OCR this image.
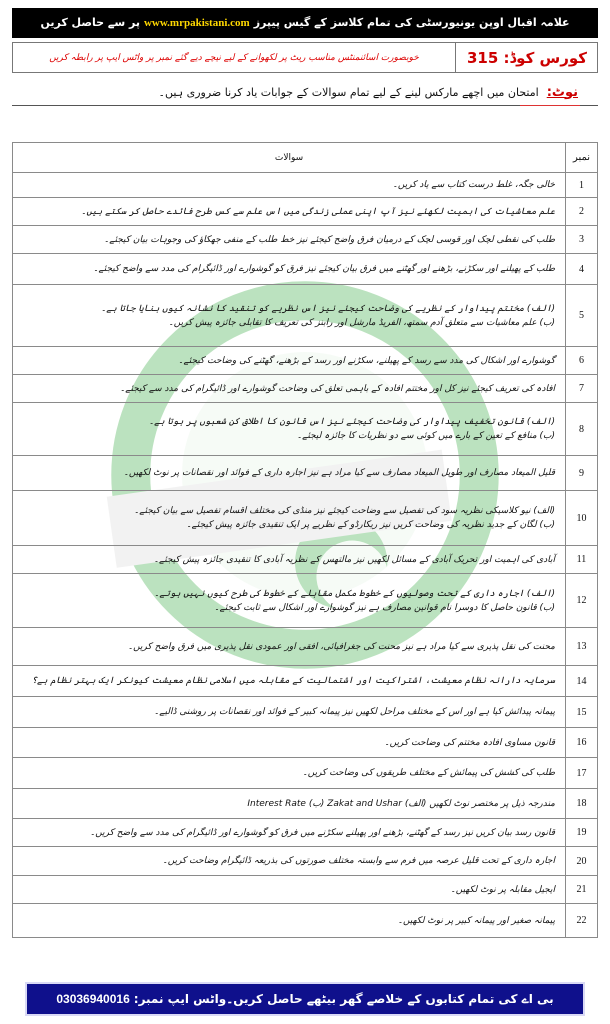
علامہ اقبال اوپن یونیورسٹی کی تمام کلاسز کے گیس پیپرز
www.mrpakistani.com
پر سے حاصل کریں
کورس کوڈ: 315
خوبصورت اسائنمنٹس مناسب ریٹ پر لکھوانے کے لیے نیچے دیے گئے نمبر پر واٹس ایپ پر رابطہ کریں
نوٹ:
امتحان میں اچھے مارکس لینے کے لیے تمام سوالات کے جوابات یاد کرنا ضروری ہیں۔
نمبر	سوالات
1	خالی جگہ، غلط درست کتاب سے یاد کریں۔

2	علم معاشیات کی اہمیت لکھئے نیز آپ اپنی عملی زندگی میں اس علم سے کس طرح فائدے حاصل کر سکتے ہیں۔

3	طلب کی نقطی لچک اور قوسی لچک کے درمیان فرق واضح کیجئے نیز خط طلب کے منفی جھکاؤ کی وجوہات بیان کیجئے۔

4	طلب کے پھیلنے اور سکڑنے، بڑھنے اور گھٹنے میں فرق بیان کیجئے نیز فرق کو گوشوارے اور ڈائیگرام کی مدد سے واضح کیجئے۔

5	(الف) مختتم پیداوار کے نظریے کی وضاحت کیجئے نیز اس نظریے کو تنقید کا نشانہ کیوں بنایا جاتا ہے۔
(ب) علم معاشیات سے متعلق آدم سمتھ، الفریڈ مارشل اور رابنز کی تعریف کا تقابلی جائزہ پیش کریں۔

6	گوشوارے اور اشکال کی مدد سے رسد کے پھیلنے، سکڑنے اور رسد کے بڑھنے، گھٹنے کی وضاحت کیجئے۔

7	افادہ کی تعریف کیجئے نیز کل اور مختتم افادہ کے باہمی تعلق کی وضاحت گوشوارے اور ڈائیگرام کی مدد سے کیجئے۔

8	(الف) قانون تخفیف پیداوار کی وضاحت کیجئے نیز اس قانون کا اطلاق کن شعبوں پر ہوتا ہے۔
(ب) منافع کے تعین کے بارے میں کوئی سے دو نظریات کا جائزہ لیجئے۔

9	قلیل المیعاد مصارف اور طویل المیعاد مصارف سے کیا مراد ہے نیز اجارہ داری کے فوائد اور نقصانات پر نوٹ لکھیں۔

10	(الف) نیو کلاسیکی نظریہ سود کی تفصیل سے وضاحت کیجئے نیز منڈی کی مختلف اقسام تفصیل سے بیان کیجئے۔
(ب) لگان کے جدید نظریہ کی وضاحت کریں نیز ریکارڈو کے نظریے پر ایک تنقیدی جائزہ پیش کیجئے۔

11	آبادی کی اہمیت اور تحریک آبادی کے مسائل لکھیں نیز مالتھس کے نظریہ آبادی کا تنقیدی جائزہ پیش کیجئے۔

12	(الف) اجارہ داری کے تحت وصولیوں کے خطوط مکمل مقابلے کے خطوط کی طرح کیوں نہیں ہوتے۔
(ب) قانون حاصل کا دوسرا نام قوانین مصارف ہے نیز گوشوارے اور اشکال سے ثابت کیجئے۔

13	محنت کی نقل پذیری سے کیا مراد ہے نیز محنت کی جغرافیائی، افقی اور عمودی نقل پذیری میں فرق واضح کریں۔

14	سرمایہ دارانہ نظام معیشت، اشتراکیت اور اشتمالیت کے مقابلہ میں اسلامی نظام معیشت کیونکر ایک بہتر نظام ہے؟

15	پیمانہ پیدائش کیا ہے اور اس کے مختلف مراحل لکھیں نیز پیمانہ کبیر کے فوائد اور نقصانات پر روشنی ڈالیے۔

16	قانون مساوی افادہ مختتم کی وضاحت کریں۔

17	طلب کی کشش کی پیمائش کے مختلف طریقوں کی وضاحت کریں۔

18	مندرجہ ذیل پر مختصر نوٹ لکھیں (الف) Zakat and Ushar (ب) Interest Rate

19	قانون رسد بیان کریں نیز رسد کے گھٹنے، بڑھنے اور پھیلنے سکڑنے میں فرق کو گوشوارے اور ڈائیگرام کی مدد سے واضح کریں۔

20	اجارہ داری کے تحت قلیل عرصہ میں فرم سے وابستہ مختلف صورتوں کی بذریعہ ڈائیگرام وضاحت کریں۔

21	ایجیل مقابلہ پر نوٹ لکھیں۔

22	پیمانہ صغیر اور پیمانہ کبیر پر نوٹ لکھیں۔
بی اے کی تمام کتابوں کے خلاصے گھر بیٹھے حاصل کریں۔واٹس ایپ نمبر:
03036940016
